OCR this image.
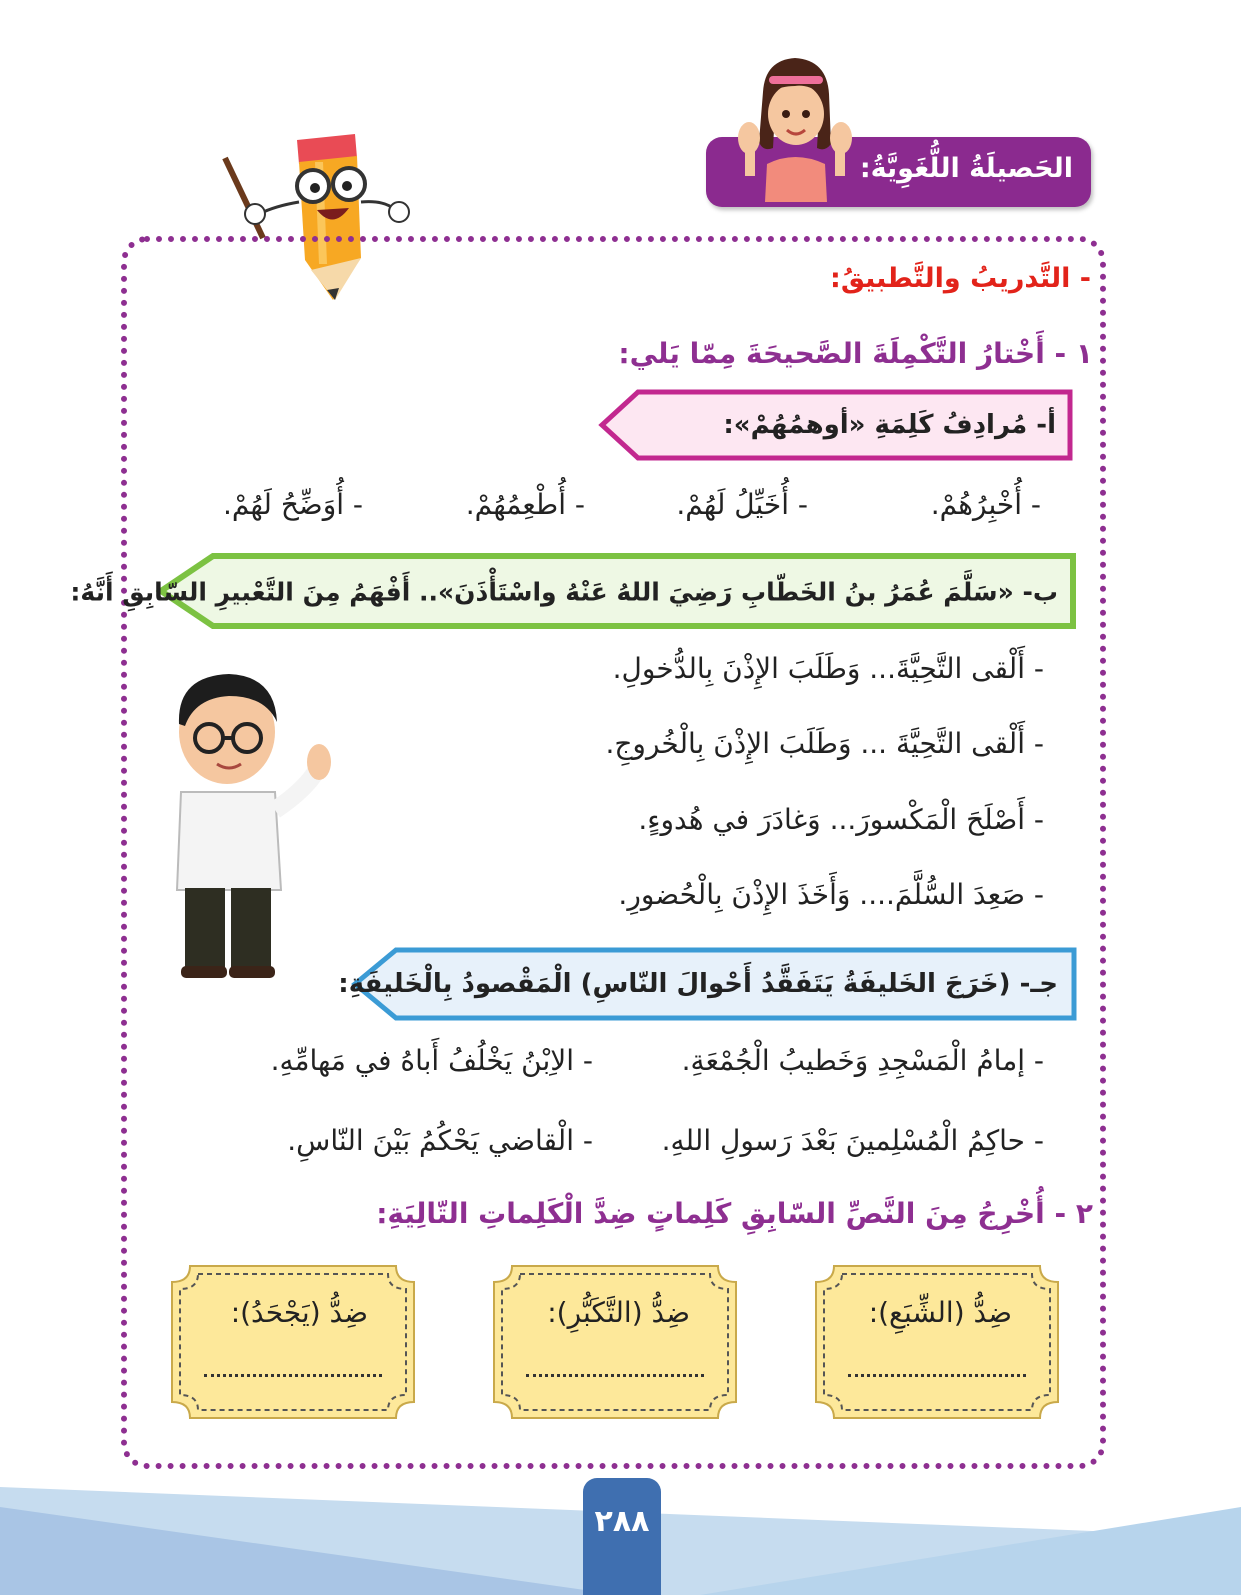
الحَصيلَةُ اللُّغَوِيَّةُ:
- التَّدريبُ والتَّطبيقُ:
١ - أَخْتارُ التَّكْمِلَةَ الصَّحيحَةَ مِمّا يَلي:
أ- مُرادِفُ كَلِمَةِ «أوهمُهُمْ»:
- أُخْبِرُهُمْ.
- أُخَيِّلُ لَهُمْ.
- أُطْعِمُهُمْ.
- أُوَضِّحُ لَهُمْ.
ب- «سَلَّمَ عُمَرُ بنُ الخَطّابِ رَضِيَ اللهُ عَنْهُ واسْتَأْذَنَ».. أَفْهَمُ مِنَ التَّعْبيرِ السّابِقِ أَنَّهُ:
- أَلْقى التَّحِيَّةَ... وَطَلَبَ الإِذْنَ بِالدُّخولِ.
- أَلْقى التَّحِيَّةَ ... وَطَلَبَ الإِذْنَ بِالْخُروجِ.
- أَصْلَحَ الْمَكْسورَ... وَغادَرَ في هُدوءٍ.
- صَعِدَ السُّلَّمَ.... وَأَخَذَ الإِذْنَ بِالْحُضورِ.
جـ- (خَرَجَ الخَليفَةُ يَتَفَقَّدُ أَحْوالَ النّاسِ) الْمَقْصودُ بِالْخَليفَةِ:
- إمامُ الْمَسْجِدِ وَخَطيبُ الْجُمْعَةِ.
- الاِبْنُ يَخْلُفُ أَباهُ في مَهامِّهِ.
- حاكِمُ الْمُسْلِمينَ بَعْدَ رَسولِ اللهِ.
- الْقاضي يَحْكُمُ بَيْنَ النّاسِ.
٢ - أُخْرِجُ مِنَ النَّصِّ السّابِقِ كَلِماتٍ ضِدَّ الْكَلِماتِ التّالِيَةِ:
ضِدُّ (الشِّبَعِ):
ضِدُّ (التَّكَبُّرِ):
ضِدُّ (يَجْحَدُ):
٢٨٨
